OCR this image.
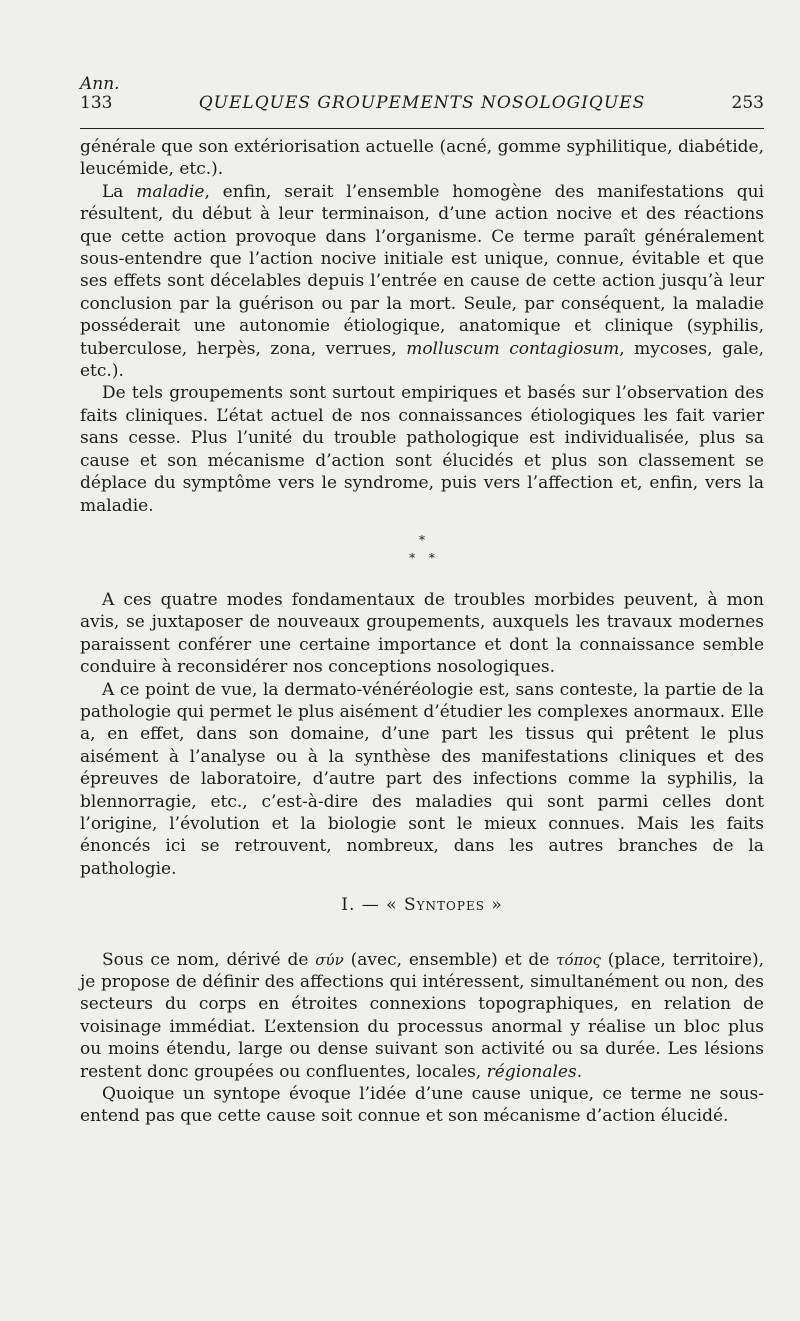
Ann.
133	QUELQUES GROUPEMENTS NOSOLOGIQUES	253

générale que son extériorisation actuelle (acné, gomme syphilitique, diabétide, leucémide, etc.).

La maladie, enfin, serait l’ensemble homogène des manifestations qui résultent, du début à leur terminaison, d’une action nocive et des réactions que cette action provoque dans l’organisme. Ce terme paraît généralement sous-entendre que l’action nocive initiale est unique, connue, évitable et que ses effets sont décelables depuis l’entrée en cause de cette action jusqu’à leur conclusion par la guérison ou par la mort. Seule, par conséquent, la maladie posséderait une autonomie étiologique, anatomique et clinique (syphilis, tuberculose, herpès, zona, verrues, molluscum contagiosum, mycoses, gale, etc.).

De tels groupements sont surtout empiriques et basés sur l’observation des faits cliniques. L’état actuel de nos connaissances étiologiques les fait varier sans cesse. Plus l’unité du trouble pathologique est individualisée, plus sa cause et son mécanisme d’action sont élucidés et plus son classement se déplace du symptôme vers le syndrome, puis vers l’affection et, enfin, vers la maladie.

*
* *

A ces quatre modes fondamentaux de troubles morbides peuvent, à mon avis, se juxtaposer de nouveaux groupements, auxquels les travaux modernes paraissent conférer une certaine importance et dont la connaissance semble conduire à reconsidérer nos conceptions nosologiques.

A ce point de vue, la dermato-vénéréologie est, sans conteste, la partie de la pathologie qui permet le plus aisément d’étudier les complexes anormaux. Elle a, en effet, dans son domaine, d’une part les tissus qui prêtent le plus aisément à l’analyse ou à la synthèse des manifestations cliniques et des épreuves de laboratoire, d’autre part des infections comme la syphilis, la blennorragie, etc., c’est-à-dire des maladies qui sont parmi celles dont l’origine, l’évolution et la biologie sont le mieux connues. Mais les faits énoncés ici se retrouvent, nombreux, dans les autres branches de la pathologie.

I. — « Syntopes »

Sous ce nom, dérivé de σύν (avec, ensemble) et de τόπος (place, territoire), je propose de définir des affections qui intéressent, simultanément ou non, des secteurs du corps en étroites connexions topographiques, en relation de voisinage immédiat. L’extension du processus anormal y réalise un bloc plus ou moins étendu, large ou dense suivant son activité ou sa durée. Les lésions restent donc groupées ou confluentes, locales, régionales.

Quoique un syntope évoque l’idée d’une cause unique, ce terme ne sous-entend pas que cette cause soit connue et son mécanisme d’action élucidé.
